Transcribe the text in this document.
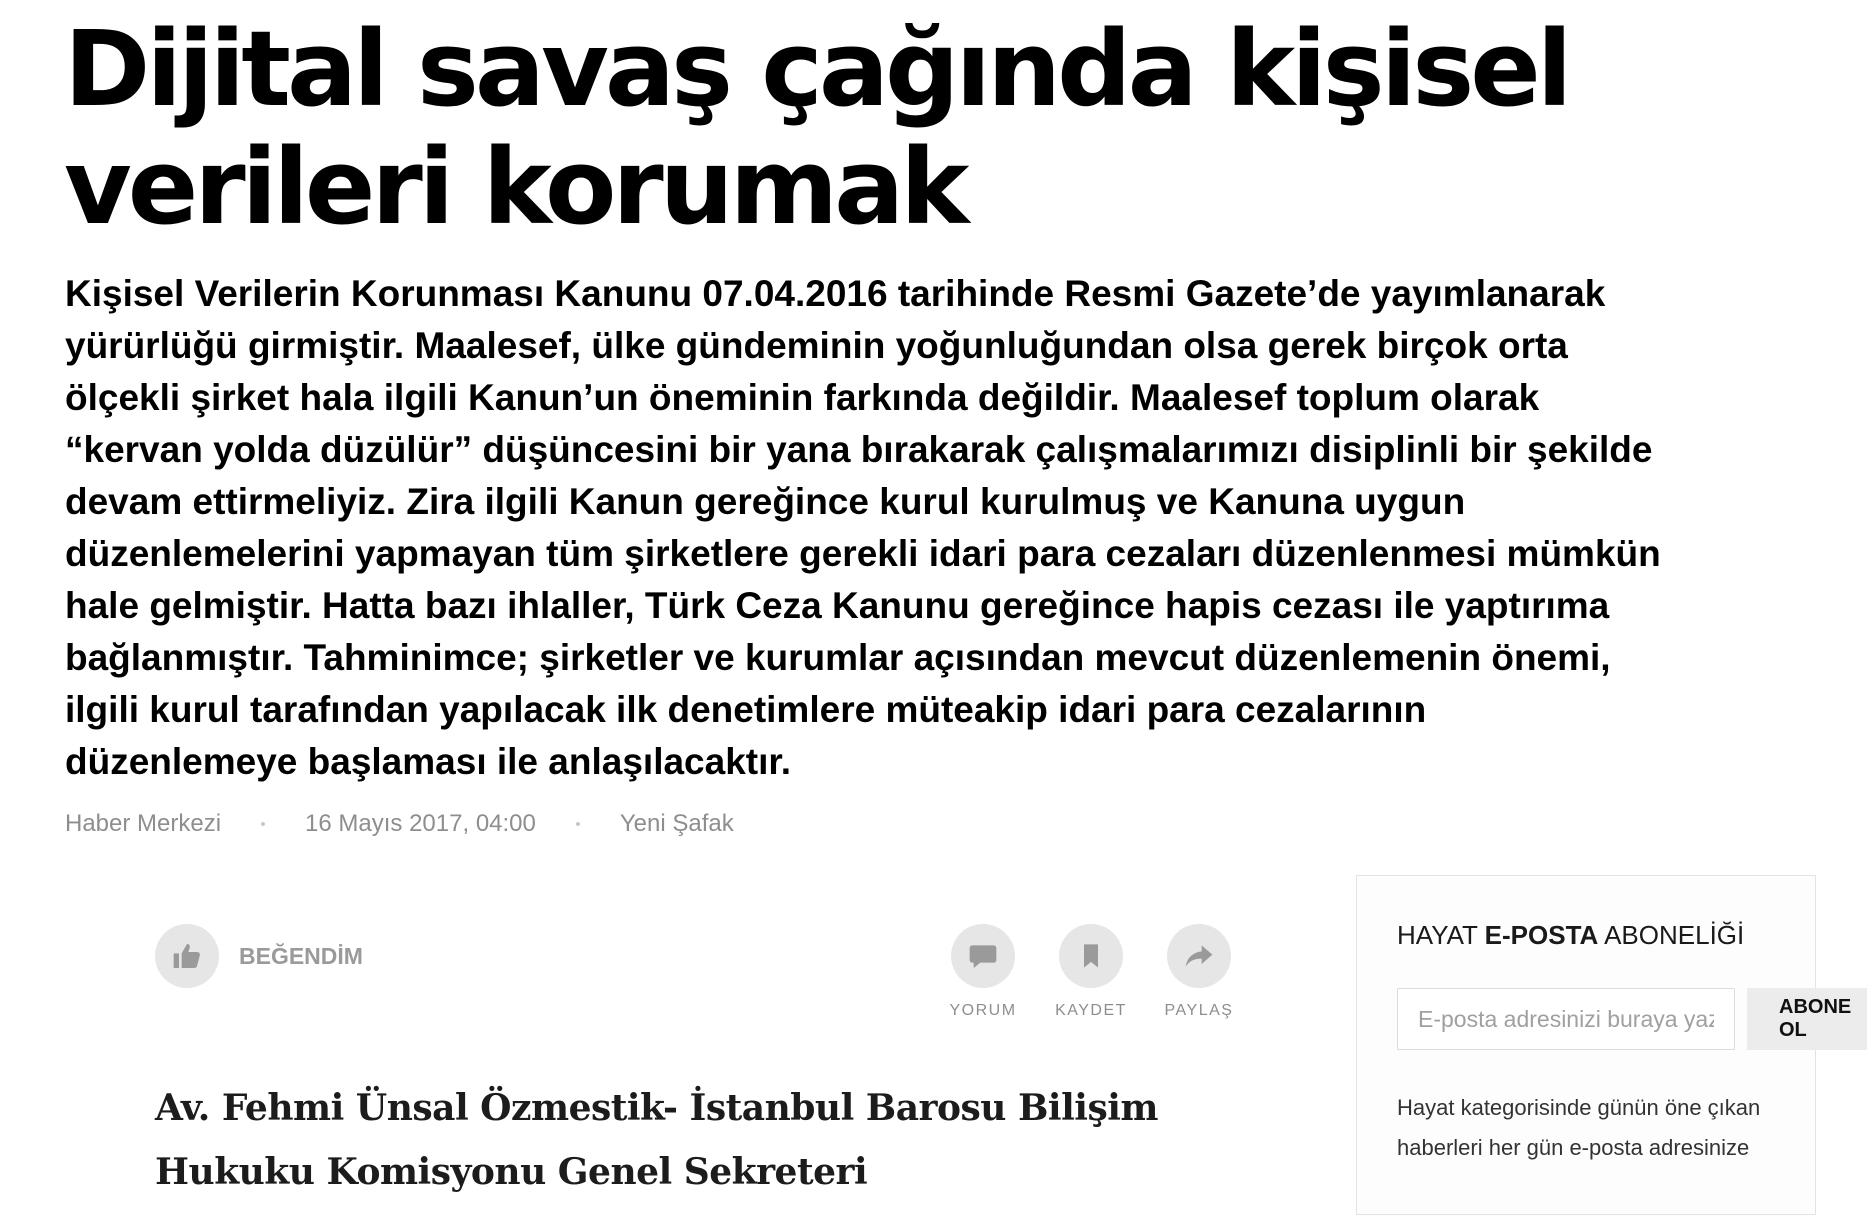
Dijital savaş çağında kişisel
verileri korumak

Kişisel Verilerin Korunması Kanunu 07.04.2016 tarihinde Resmi Gazete’de yayımlanarak
yürürlüğü girmiştir. Maalesef, ülke gündeminin yoğunluğundan olsa gerek birçok orta
ölçekli şirket hala ilgili Kanun’un öneminin farkında değildir. Maalesef toplum olarak
“kervan yolda düzülür” düşüncesini bir yana bırakarak çalışmalarımızı disiplinli bir şekilde
devam ettirmeliyiz. Zira ilgili Kanun gereğince kurul kurulmuş ve Kanuna uygun
düzenlemelerini yapmayan tüm şirketlere gerekli idari para cezaları düzenlenmesi mümkün
hale gelmiştir. Hatta bazı ihlaller, Türk Ceza Kanunu gereğince hapis cezası ile yaptırıma
bağlanmıştır. Tahminimce; şirketler ve kurumlar açısından mevcut düzenlemenin önemi,
ilgili kurul tarafından yapılacak ilk denetimlere müteakip idari para cezalarının
düzenlemeye başlaması ile anlaşılacaktır.

Haber Merkezi	16 Mayıs 2017, 04:00	Yeni Şafak
BEĞENDİM
YORUM KAYDET PAYLAŞ

Av. Fehmi Ünsal Özmestik- İstanbul Barosu Bilişim
Hukuku Komisyonu Genel Sekreteri

HAYAT E-POSTA ABONELİĞİ
E-posta adresinizi buraya yazın
ABONE OL
Hayat kategorisinde günün öne çıkan
haberleri her gün e-posta adresinize
